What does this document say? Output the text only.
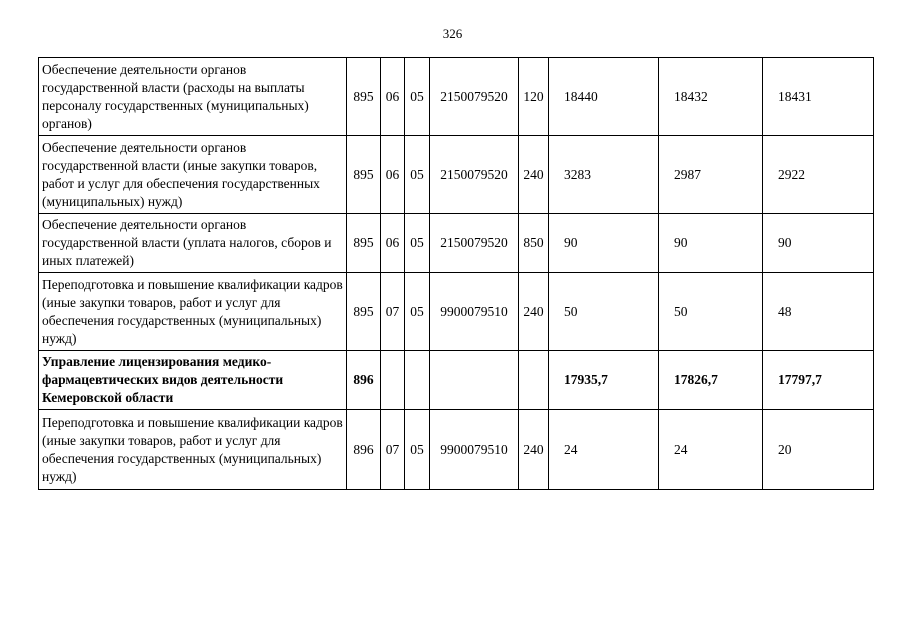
326
Обеспечение деятельности органов государственной власти (расходы на выплаты персоналу государственных (муниципальных) органов)	895	06	05	2150079520	120	18440	18432	18431
Обеспечение деятельности органов государственной власти (иные закупки товаров, работ и услуг для обеспечения государственных (муниципальных) нужд)	895	06	05	2150079520	240	3283	2987	2922
Обеспечение деятельности органов государственной власти (уплата налогов, сборов и иных платежей)	895	06	05	2150079520	850	90	90	90
Переподготовка и повышение квалификации кадров (иные закупки товаров, работ и услуг для обеспечения государственных (муниципальных) нужд)	895	07	05	9900079510	240	50	50	48
Управление лицензирования медико-фармацевтических видов деятельности Кемеровской области	896					17935,7	17826,7	17797,7
Переподготовка и повышение квалификации кадров (иные закупки товаров, работ и услуг для обеспечения государственных (муниципальных) нужд)	896	07	05	9900079510	240	24	24	20
